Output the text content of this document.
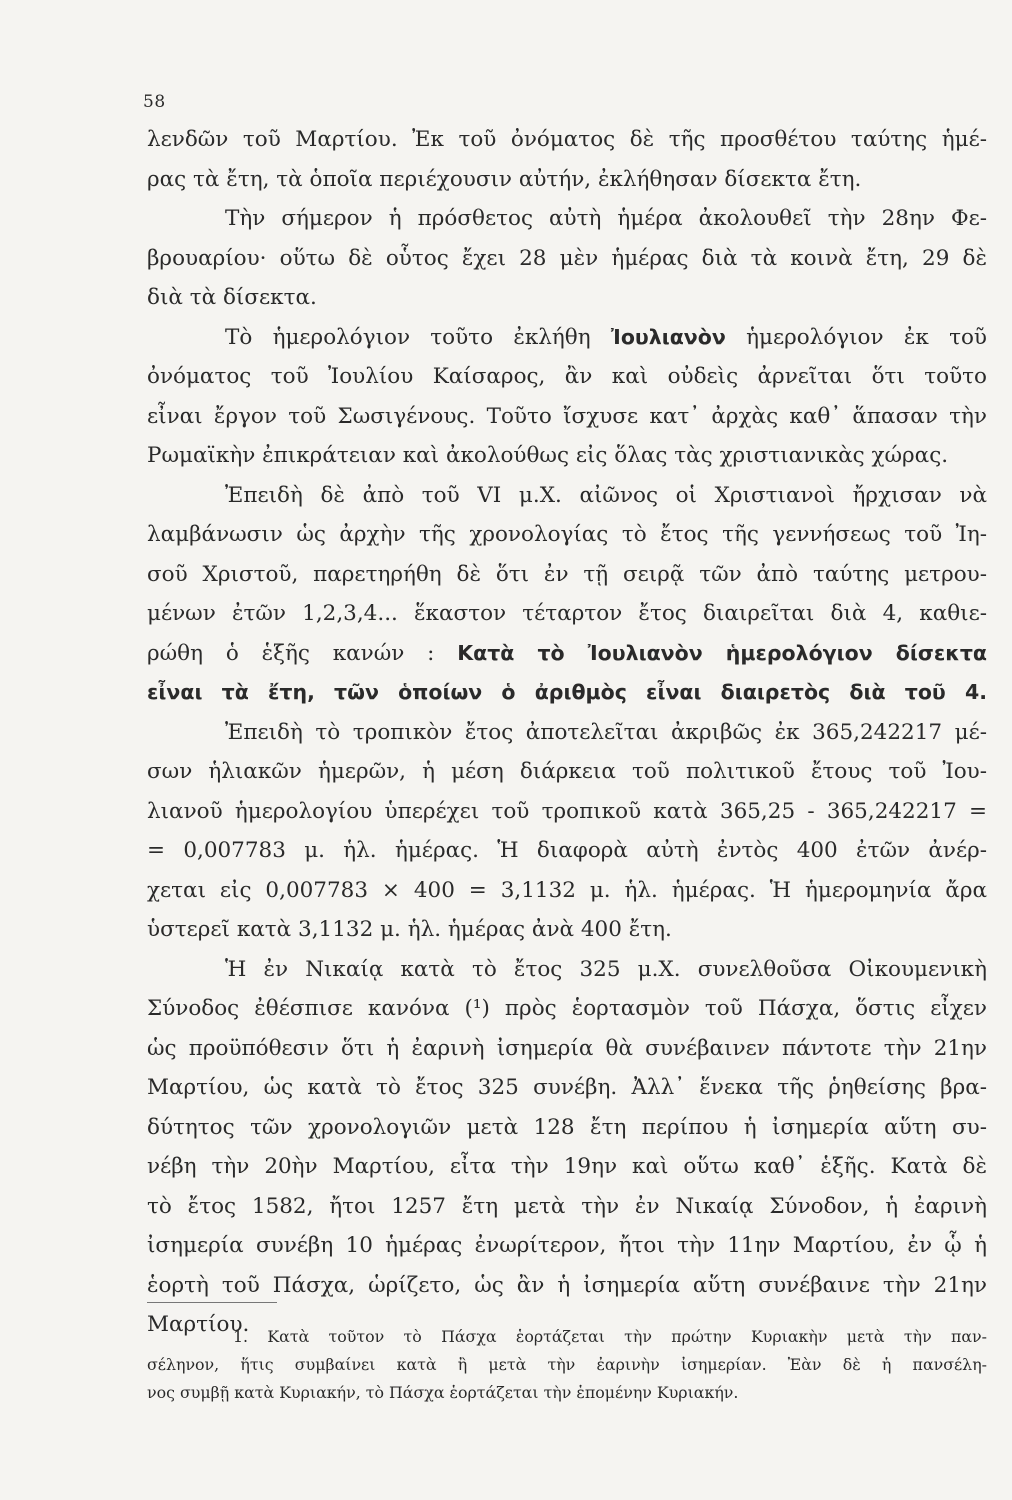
58
λενδῶν τοῦ Μαρτίου. Ἐκ τοῦ ὀνόματος δὲ τῆς προσθέτου ταύτης ἡμέ-
ρας τὰ ἔτη, τὰ ὁποῖα περιέχουσιν αὐτήν, ἐκλήθησαν δίσεκτα ἔτη.
Τὴν σήμερον ἡ πρόσθετος αὐτὴ ἡμέρα ἀκολουθεῖ τὴν 28ην Φε-
βρουαρίου· οὕτω δὲ οὗτος ἔχει 28 μὲν ἡμέρας διὰ τὰ κοινὰ ἔτη, 29 δὲ
διὰ τὰ δίσεκτα.
Τὸ ἡμερολόγιον τοῦτο ἐκλήθη Ἰουλιανὸν ἡμερολόγιον ἐκ τοῦ
ὀνόματος τοῦ Ἰουλίου Καίσαρος, ἂν καὶ οὐδεὶς ἀρνεῖται ὅτι τοῦτο
εἶναι ἔργον τοῦ Σωσιγένους. Τοῦτο ἴσχυσε κατ᾽ ἀρχὰς καθ᾽ ἅπασαν τὴν
Ρωμαϊκὴν ἐπικράτειαν καὶ ἀκολούθως εἰς ὅλας τὰς χριστιανικὰς χώρας.
Ἐπειδὴ δὲ ἀπὸ τοῦ VI μ.Χ. αἰῶνος οἱ Χριστιανοὶ ἤρχισαν νὰ
λαμβάνωσιν ὡς ἀρχὴν τῆς χρονολογίας τὸ ἔτος τῆς γεννήσεως τοῦ Ἰη-
σοῦ Χριστοῦ, παρετηρήθη δὲ ὅτι ἐν τῇ σειρᾷ τῶν ἀπὸ ταύτης μετρου-
μένων ἐτῶν 1,2,3,4... ἕκαστον τέταρτον ἔτος διαιρεῖται διὰ 4, καθιε-
ρώθη ὁ ἑξῆς κανών : Κατὰ τὸ Ἰουλιανὸν ἡμερολόγιον δίσεκτα
εἶναι τὰ ἔτη, τῶν ὁποίων ὁ ἀριθμὸς εἶναι διαιρετὸς διὰ τοῦ 4.
Ἐπειδὴ τὸ τροπικὸν ἔτος ἀποτελεῖται ἀκριβῶς ἐκ 365,242217 μέ-
σων ἡλιακῶν ἡμερῶν, ἡ μέση διάρκεια τοῦ πολιτικοῦ ἔτους τοῦ Ἰου-
λιανοῦ ἡμερολογίου ὑπερέχει τοῦ τροπικοῦ κατὰ 365,25 - 365,242217 =
= 0,007783 μ. ἡλ. ἡμέρας. Ἡ διαφορὰ αὐτὴ ἐντὸς 400 ἐτῶν ἀνέρ-
χεται εἰς 0,007783 × 400 = 3,1132 μ. ἡλ. ἡμέρας. Ἡ ἡμερομηνία ἄρα
ὑστερεῖ κατὰ 3,1132 μ. ἡλ. ἡμέρας ἀνὰ 400 ἔτη.
Ἡ ἐν Νικαίᾳ κατὰ τὸ ἔτος 325 μ.Χ. συνελθοῦσα Οἰκουμενικὴ
Σύνοδος ἐθέσπισε κανόνα (¹) πρὸς ἑορτασμὸν τοῦ Πάσχα, ὅστις εἶχεν
ὡς προϋπόθεσιν ὅτι ἡ ἐαρινὴ ἰσημερία θὰ συνέβαινεν πάντοτε τὴν 21ην
Μαρτίου, ὡς κατὰ τὸ ἔτος 325 συνέβη. Ἀλλ᾽ ἕνεκα τῆς ῥηθείσης βρα-
δύτητος τῶν χρονολογιῶν μετὰ 128 ἔτη περίπου ἡ ἰσημερία αὕτη συ-
νέβη τὴν 20ὴν Μαρτίου, εἶτα τὴν 19ην καὶ οὕτω καθ᾽ ἑξῆς. Κατὰ δὲ
τὸ ἔτος 1582, ἤτοι 1257 ἔτη μετὰ τὴν ἐν Νικαίᾳ Σύνοδον, ἡ ἐαρινὴ
ἰσημερία συνέβη 10 ἡμέρας ἐνωρίτερον, ἤτοι τὴν 11ην Μαρτίου, ἐν ᾧ ἡ
ἑορτὴ τοῦ Πάσχα, ὡρίζετο, ὡς ἂν ἡ ἰσημερία αὕτη συνέβαινε τὴν 21ην
Μαρτίου.
1. Κατὰ τοῦτον τὸ Πάσχα ἑορτάζεται τὴν πρώτην Κυριακὴν μετὰ τὴν παν-
σέληνον, ἥτις συμβαίνει κατὰ ἢ μετὰ τὴν ἐαρινὴν ἰσημερίαν. Ἐὰν δὲ ἡ πανσέλη-
νος συμβῇ κατὰ Κυριακήν, τὸ Πάσχα ἑορτάζεται τὴν ἑπομένην Κυριακήν.
